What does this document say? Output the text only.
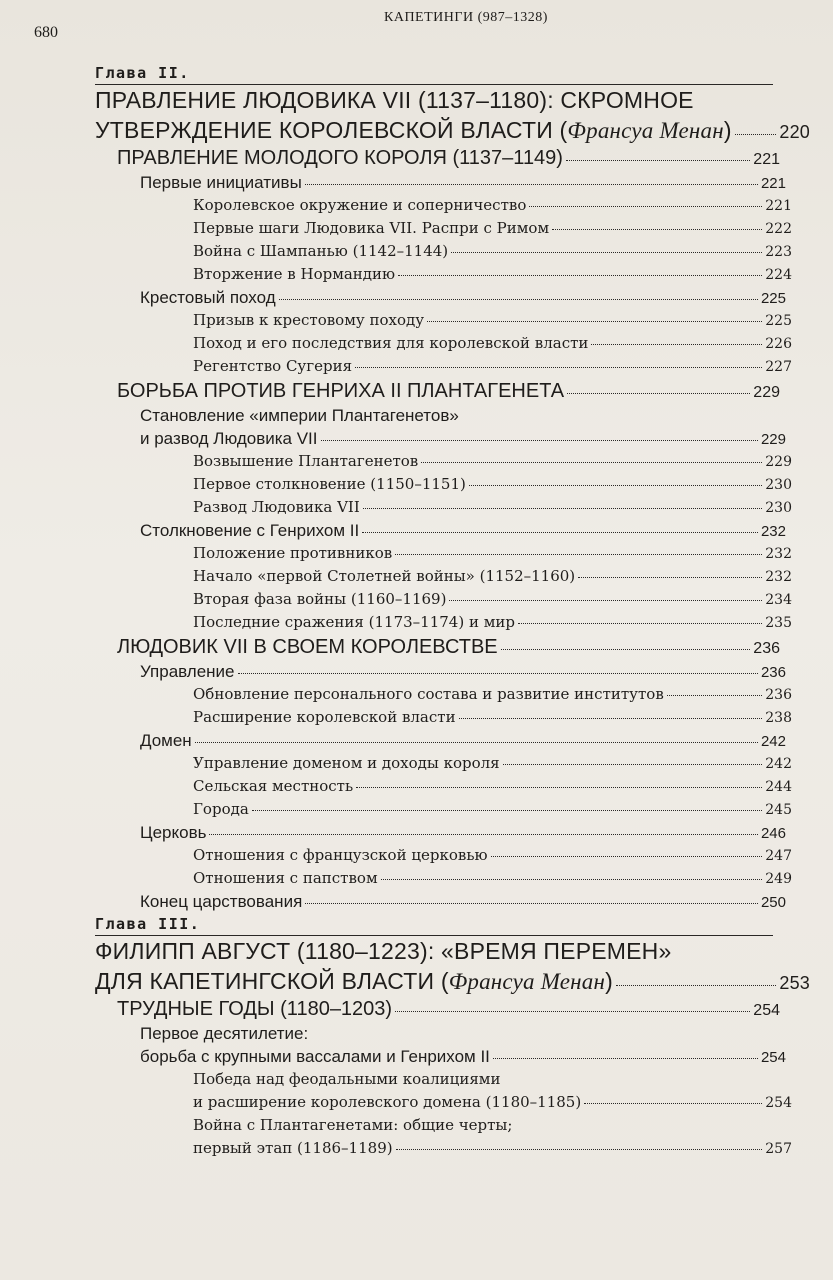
КАПЕТИНГИ (987–1328)
680
Глава II.
ПРАВЛЕНИЕ ЛЮДОВИКА VII (1137–1180): СКРОМНОЕ
УТВЕРЖДЕНИЕ КОРОЛЕВСКОЙ ВЛАСТИ (Франсуа Менан)	220
ПРАВЛЕНИЕ МОЛОДОГО КОРОЛЯ (1137–1149)	221
Первые инициативы	221
Королевское окружение и соперничество	221
Первые шаги Людовика VII. Распри с Римом	222
Война с Шампанью (1142–1144)	223
Вторжение в Нормандию	224
Крестовый поход	225
Призыв к крестовому походу	225
Поход и его последствия для королевской власти	226
Регентство Сугерия	227
БОРЬБА ПРОТИВ ГЕНРИХА II ПЛАНТАГЕНЕТА	229
Становление «империи Плантагенетов»
и развод Людовика VII	229
Возвышение Плантагенетов	229
Первое столкновение (1150–1151)	230
Развод Людовика VII	230
Столкновение с Генрихом II	232
Положение противников	232
Начало «первой Столетней войны» (1152–1160)	232
Вторая фаза войны (1160–1169)	234
Последние сражения (1173–1174) и мир	235
ЛЮДОВИК VII В СВОЕМ КОРОЛЕВСТВЕ	236
Управление	236
Обновление персонального состава и развитие институтов	236
Расширение королевской власти	238
Домен	242
Управление доменом и доходы короля	242
Сельская местность	244
Города	245
Церковь	246
Отношения с французской церковью	247
Отношения с папством	249
Конец царствования	250
Глава III.
ФИЛИПП АВГУСТ (1180–1223): «ВРЕМЯ ПЕРЕМЕН»
ДЛЯ КАПЕТИНГСКОЙ ВЛАСТИ (Франсуа Менан)	253
ТРУДНЫЕ ГОДЫ (1180–1203)	254
Первое десятилетие:
борьба с крупными вассалами и Генрихом II	254
Победа над феодальными коалициями
и расширение королевского домена (1180–1185)	254
Война с Плантагенетами: общие черты;
первый этап (1186–1189)	257
